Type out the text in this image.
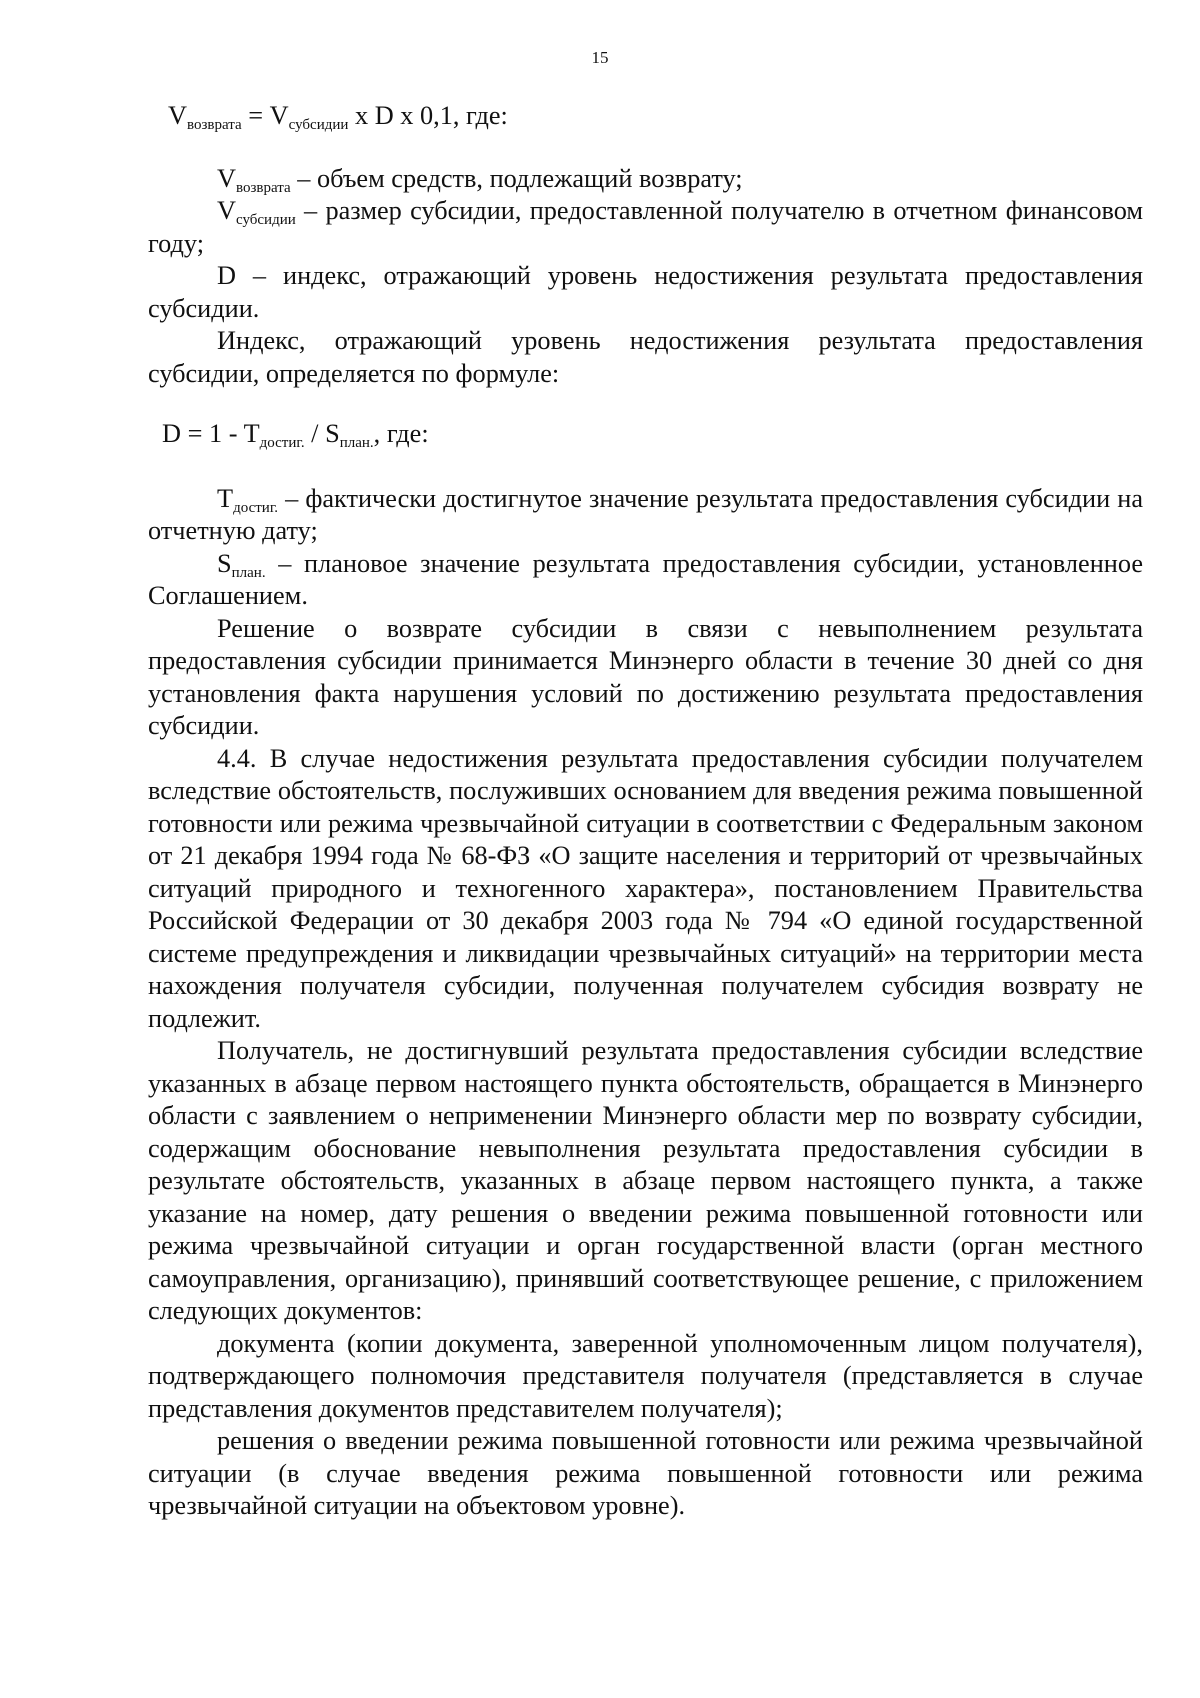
15

$V_{возврата} = V_{субсидии}$ x D x 0,1, где:

$V_{возврата}$ – объем средств, подлежащий возврату;

$V_{субсидии}$ – размер субсидии, предоставленной получателю в отчетном финансовом году;

D – индекс, отражающий уровень недостижения результата предоставления субсидии.

Индекс, отражающий уровень недостижения результата предоставления субсидии, определяется по формуле:

$D = 1 - T_{достиг.} / S_{план.}$, где:

$T_{достиг.}$ – фактически достигнутое значение результата предоставления субсидии на отчетную дату;

$S_{план.}$ – плановое значение результата предоставления субсидии, установленное Соглашением.

Решение о возврате субсидии в связи с невыполнением результата предоставления субсидии принимается Минэнерго области в течение 30 дней со дня установления факта нарушения условий по достижению результата предоставления субсидии.

4.4. В случае недостижения результата предоставления субсидии получателем вследствие обстоятельств, послуживших основанием для введения режима повышенной готовности или режима чрезвычайной ситуации в соответствии с Федеральным законом от 21 декабря 1994 года № 68-ФЗ «О защите населения и территорий от чрезвычайных ситуаций природного и техногенного характера», постановлением Правительства Российской Федерации от 30 декабря 2003 года № 794 «О единой государственной системе предупреждения и ликвидации чрезвычайных ситуаций» на территории места нахождения получателя субсидии, полученная получателем субсидия возврату не подлежит.

Получатель, не достигнувший результата предоставления субсидии вследствие указанных в абзаце первом настоящего пункта обстоятельств, обращается в Минэнерго области с заявлением о неприменении Минэнерго области мер по возврату субсидии, содержащим обоснование невыполнения результата предоставления субсидии в результате обстоятельств, указанных в абзаце первом настоящего пункта, а также указание на номер, дату решения о введении режима повышенной готовности или режима чрезвычайной ситуации и орган государственной власти (орган местного самоуправления, организацию), принявший соответствующее решение, с приложением следующих документов:

документа (копии документа, заверенной уполномоченным лицом получателя), подтверждающего полномочия представителя получателя (представляется в случае представления документов представителем получателя);

решения о введении режима повышенной готовности или режима чрезвычайной ситуации (в случае введения режима повышенной готовности или режима чрезвычайной ситуации на объектовом уровне).
